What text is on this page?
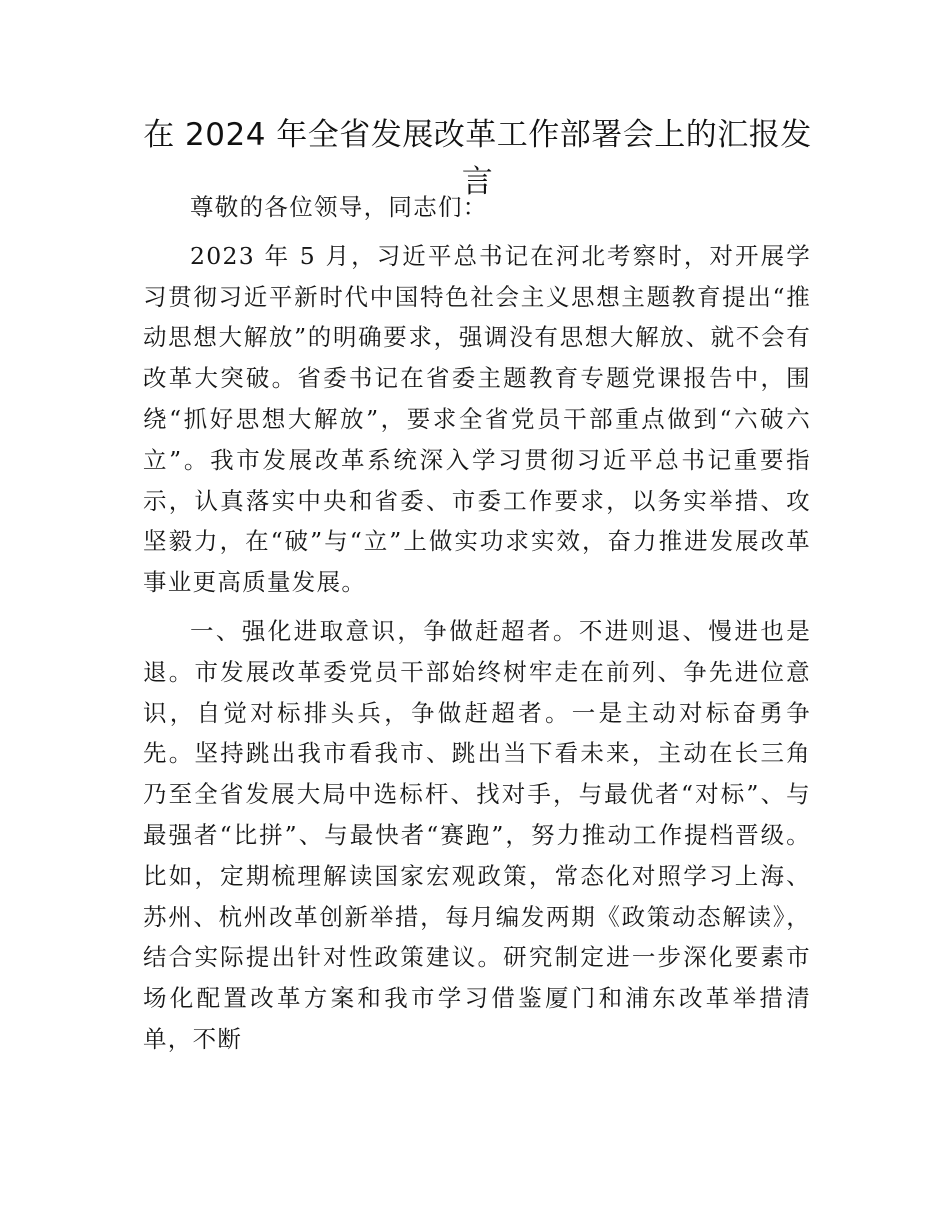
在 2024 年全省发展改革工作部署会上的汇报发言

尊敬的各位领导，同志们：

2023 年 5 月，习近平总书记在河北考察时，对开展学习贯彻习近平新时代中国特色社会主义思想主题教育提出“推动思想大解放”的明确要求，强调没有思想大解放、就不会有改革大突破。省委书记在省委主题教育专题党课报告中，围绕“抓好思想大解放”，要求全省党员干部重点做到“六破六立”。我市发展改革系统深入学习贯彻习近平总书记重要指示，认真落实中央和省委、市委工作要求，以务实举措、攻坚毅力，在“破”与“立”上做实功求实效，奋力推进发展改革事业更高质量发展。

一、强化进取意识，争做赶超者。不进则退、慢进也是退。市发展改革委党员干部始终树牢走在前列、争先进位意识，自觉对标排头兵，争做赶超者。一是主动对标奋勇争先。坚持跳出我市看我市、跳出当下看未来，主动在长三角乃至全省发展大局中选标杆、找对手，与最优者“对标”、与最强者“比拼”、与最快者“赛跑”，努力推动工作提档晋级。比如，定期梳理解读国家宏观政策，常态化对照学习上海、苏州、杭州改革创新举措，每月编发两期《政策动态解读》，结合实际提出针对性政策建议。研究制定进一步深化要素市场化配置改革方案和我市学习借鉴厦门和浦东改革举措清单，不断
